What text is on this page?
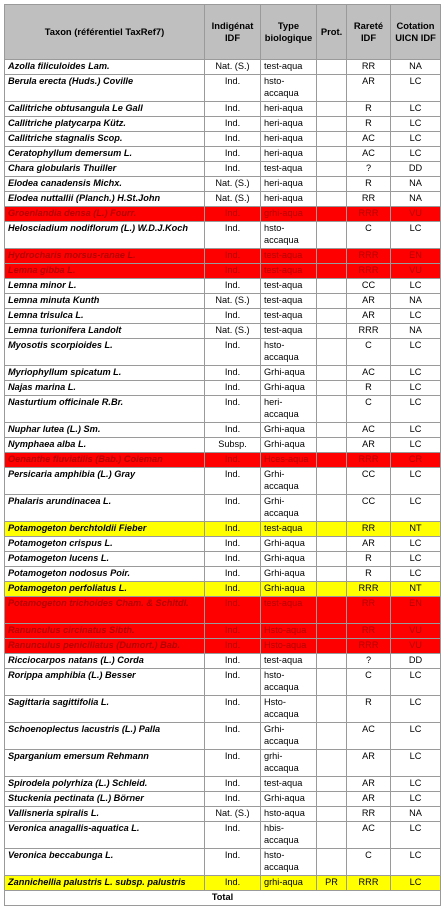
Taxon (référentiel TaxRef7)	Indigénat IDF	Type biologique	Prot.	Rareté IDF	Cotation UICN IDF
Azolla filiculoides Lam.	Nat. (S.)	test-aqua		RR	NA
Berula erecta (Huds.) Coville	Ind.	hsto-accaqua		AR	LC
Callitriche obtusangula Le Gall	Ind.	heri-aqua		R	LC
Callitriche platycarpa Kütz.	Ind.	heri-aqua		R	LC
Callitriche stagnalis Scop.	Ind.	heri-aqua		AC	LC
Ceratophyllum demersum L.	Ind.	heri-aqua		AC	LC
Chara globularis Thuiller	Ind.	test-aqua		?	DD
Elodea canadensis Michx.	Nat. (S.)	heri-aqua		R	NA
Elodea nuttallii (Planch.) H.St.John	Nat. (S.)	heri-aqua		RR	NA
Groenlandia densa (L.) Fourr.	Ind.	grhi-aqua		RRR	VU
Helosciadium nodiflorum (L.) W.D.J.Koch	Ind.	hsto-accaqua		C	LC
Hydrocharis morsus-ranae L.	Ind.	test-aqua		RRR	EN
Lemna gibba L.	Ind.	test-aqua		RRR	VU
Lemna minor L.	Ind.	test-aqua		CC	LC
Lemna minuta Kunth	Nat. (S.)	test-aqua		AR	NA
Lemna trisulca L.	Ind.	test-aqua		AR	LC
Lemna turionifera Landolt	Nat. (S.)	test-aqua		RRR	NA
Myosotis scorpioides L.	Ind.	hsto-accaqua		C	LC
Myriophyllum spicatum L.	Ind.	Grhi-aqua		AC	LC
Najas marina L.	Ind.	Grhi-aqua		R	LC
Nasturtium officinale R.Br.	Ind.	heri-accaqua		C	LC
Nuphar lutea (L.) Sm.	Ind.	Grhi-aqua		AC	LC
Nymphaea alba L.	Subsp.	Grhi-aqua		AR	LC
Oenanthe fluviatilis (Bab.) Coleman	Ind.	Hces-aqua		RRR	CR
Persicaria amphibia (L.) Gray	Ind.	Grhi-accaqua		CC	LC
Phalaris arundinacea L.	Ind.	Grhi-accaqua		CC	LC
Potamogeton berchtoldii Fieber	Ind.	test-aqua		RR	NT
Potamogeton crispus L.	Ind.	Grhi-aqua		AR	LC
Potamogeton lucens L.	Ind.	Grhi-aqua		R	LC
Potamogeton nodosus Poir.	Ind.	Grhi-aqua		R	LC
Potamogeton perfoliatus L.	Ind.	Grhi-aqua		RRR	NT
Potamogeton trichoides Cham. & Schltdl.	Ind.	test-aqua		RR	EN
Ranunculus circinatus Sibth.	Ind.	Hsto-aqua		RR	VU
Ranunculus penicillatus (Dumort.) Bab.	Ind.	Hsto-aqua		RRR	VU
Ricciocarpos natans (L.) Corda	Ind.	test-aqua		?	DD
Rorippa amphibia (L.) Besser	Ind.	hsto-accaqua		C	LC
Sagittaria sagittifolia L.	Ind.	Hsto-accaqua		R	LC
Schoenoplectus lacustris (L.) Palla	Ind.	Grhi-accaqua		AC	LC
Sparganium emersum Rehmann	Ind.	grhi-accaqua		AR	LC
Spirodela polyrhiza (L.) Schleid.	Ind.	test-aqua		AR	LC
Stuckenia pectinata (L.) Börner	Ind.	Grhi-aqua		AR	LC
Vallisneria spiralis L.	Nat. (S.)	hsto-aqua		RR	NA
Veronica anagallis-aquatica L.	Ind.	hbis-accaqua		AC	LC
Veronica beccabunga L.	Ind.	hsto-accaqua		C	LC
Zannichellia palustris L. subsp. palustris	Ind.	grhi-aqua	PR	RRR	LC
Total					
